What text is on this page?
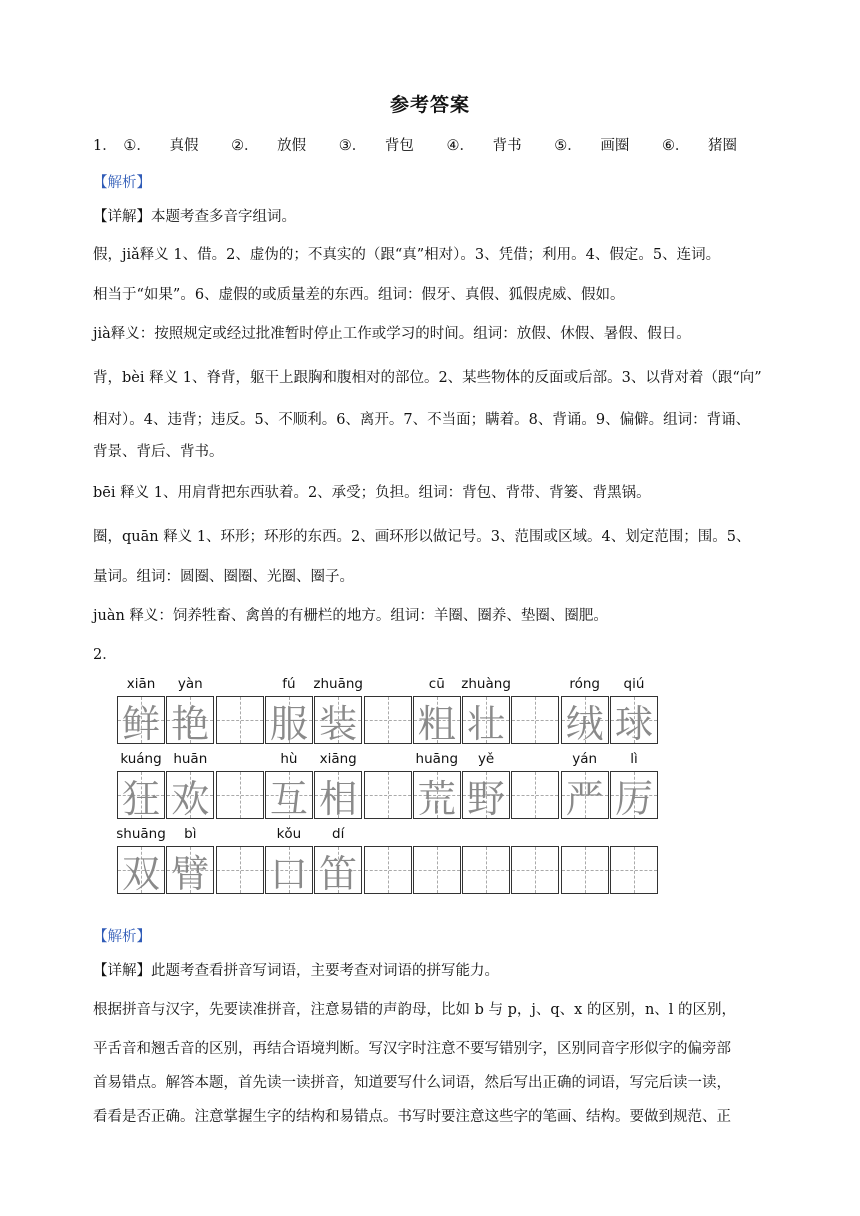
参考答案
1． ①． 真假 ②． 放假 ③． 背包 ④． 背书 ⑤． 画圈 ⑥． 猪圈
【解析】
【详解】本题考查多音字组词。
假，jiǎ释义 1、借。2、虚伪的；不真实的（跟“真”相对）。3、凭借；利用。4、假定。5、连词。
相当于“如果”。6、虚假的或质量差的东西。组词：假牙、真假、狐假虎威、假如。
jià释义：按照规定或经过批准暂时停止工作或学习的时间。组词：放假、休假、暑假、假日。
背，bèi 释义 1、脊背，躯干上跟胸和腹相对的部位。2、某些物体的反面或后部。3、以背对着（跟“向”
相对）。4、违背；违反。5、不顺利。6、离开。7、不当面；瞒着。8、背诵。9、偏僻。组词：背诵、
背景、背后、背书。
bēi 释义 1、用肩背把东西驮着。2、承受；负担。组词：背包、背带、背篓、背黑锅。
圈，quān 释义 1、环形；环形的东西。2、画环形以做记号。3、范围或区域。4、划定范围；围。5、
量词。组词：圆圈、圈圈、光圈、圈子。
juàn 释义：饲养牲畜、禽兽的有栅栏的地方。组词：羊圈、圈养、垫圈、圈肥。
2．
xiān yàn	fú zhuāng	cū zhuàng	róng qiú
鲜 艳 服 装 粗 壮 绒 球
kuáng huān	hù xiāng	huāng yě	yán lì
狂 欢 互 相 荒 野 严 厉
shuāng bì	kǒu dí
双 臂 口 笛
【解析】
【详解】此题考查看拼音写词语，主要考查对词语的拼写能力。
根据拼音与汉字，先要读准拼音，注意易错的声韵母，比如 b 与 p，j、q、x 的区别，n、l 的区别，
平舌音和翘舌音的区别，再结合语境判断。写汉字时注意不要写错别字，区别同音字形似字的偏旁部
首易错点。解答本题，首先读一读拼音，知道要写什么词语，然后写出正确的词语，写完后读一读，
看看是否正确。注意掌握生字的结构和易错点。书写时要注意这些字的笔画、结构。要做到规范、正
